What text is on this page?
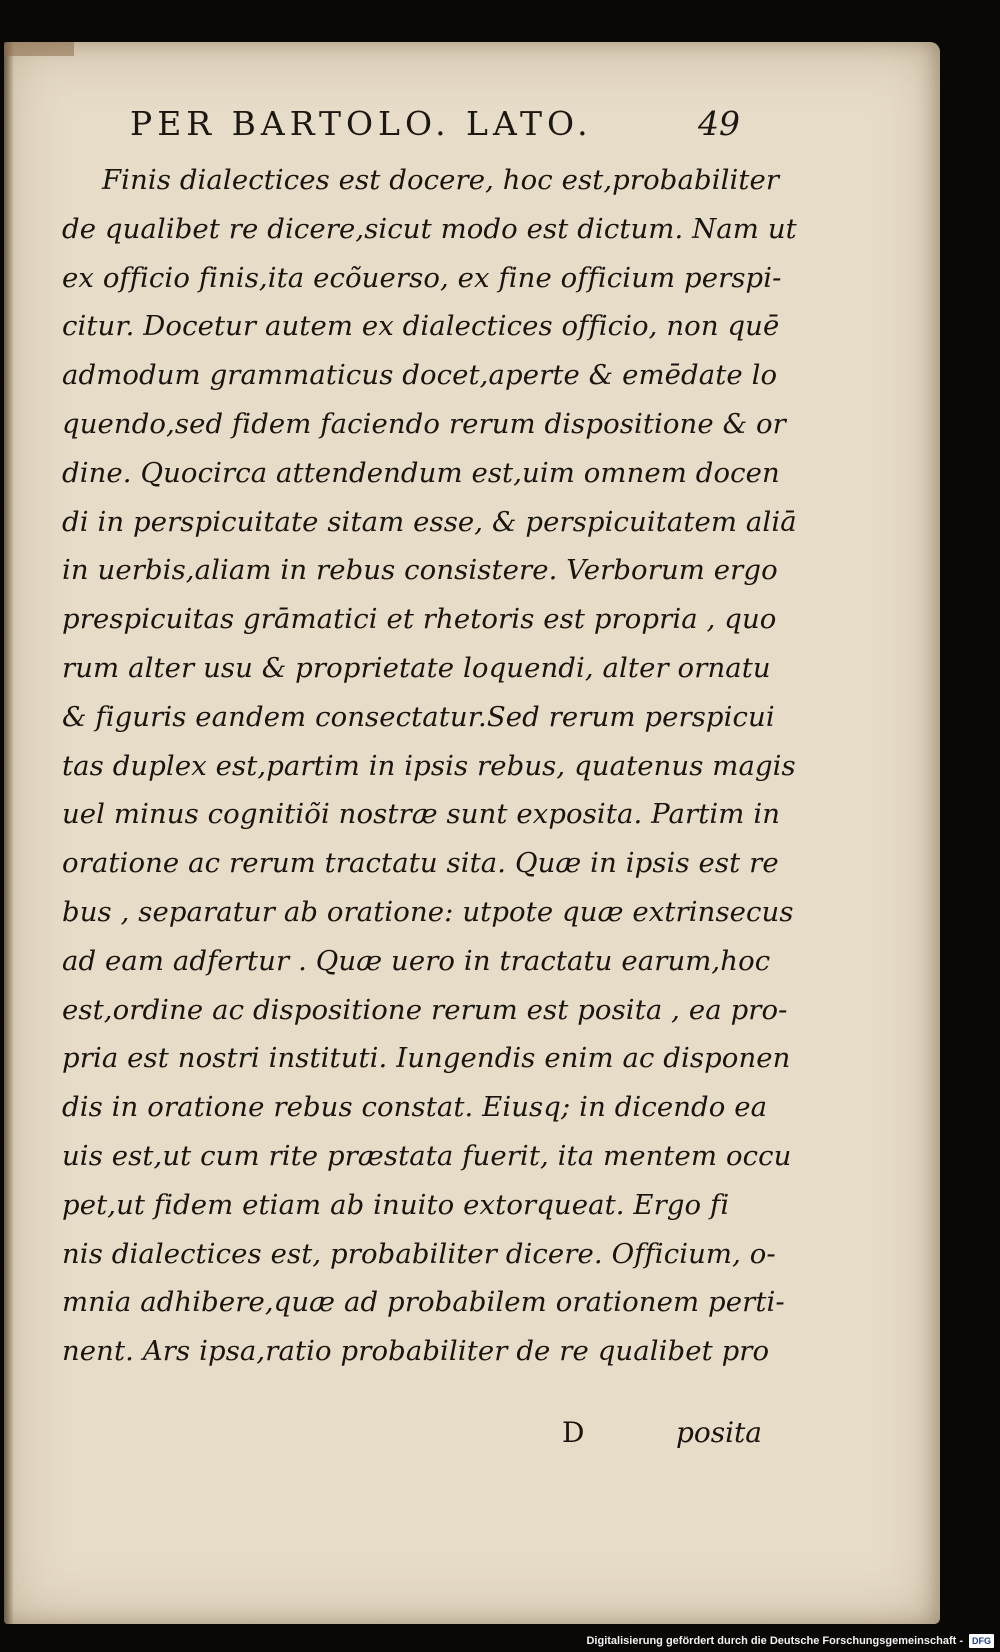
PER BARTOLO. LATO.	49
Finis dialectices est docere, hoc est,probabiliter
de qualibet re dicere,sicut modo est dictum. Nam ut
ex officio finis,ita ecõuerso, ex fine officium perspi-
citur. Docetur autem ex dialectices officio, non quē
admodum grammaticus docet,aperte & emēdate lo
quendo,sed fidem faciendo rerum dispositione & or
dine. Quocirca attendendum est,uim omnem docen
di in perspicuitate sitam esse, & perspicuitatem aliā
in uerbis,aliam in rebus consistere. Verborum ergo
prespicuitas grāmatici et rhetoris est propria , quo
rum alter usu & proprietate loquendi, alter ornatu
& figuris eandem consectatur.Sed rerum perspicui
tas duplex est,partim in ipsis rebus, quatenus magis
uel minus cognitiõi nostræ sunt exposita. Partim in
oratione ac rerum tractatu sita. Quæ in ipsis est re
bus , separatur ab oratione: utpote quæ extrinsecus
ad eam adfertur . Quæ uero in tractatu earum,hoc
est,ordine ac dispositione rerum est posita , ea pro-
pria est nostri instituti. Iungendis enim ac disponen
dis in oratione rebus constat. Eiusq; in dicendo ea
uis est,ut cum rite præstata fuerit, ita mentem occu
pet,ut fidem etiam ab inuito extorqueat. Ergo fi
nis dialectices est, probabiliter dicere. Officium, o-
mnia adhibere,quæ ad probabilem orationem perti-
nent. Ars ipsa,ratio probabiliter de re qualibet pro
D	posita
Digitalisierung gefördert durch die Deutsche Forschungsgemeinschaft -	DFG
